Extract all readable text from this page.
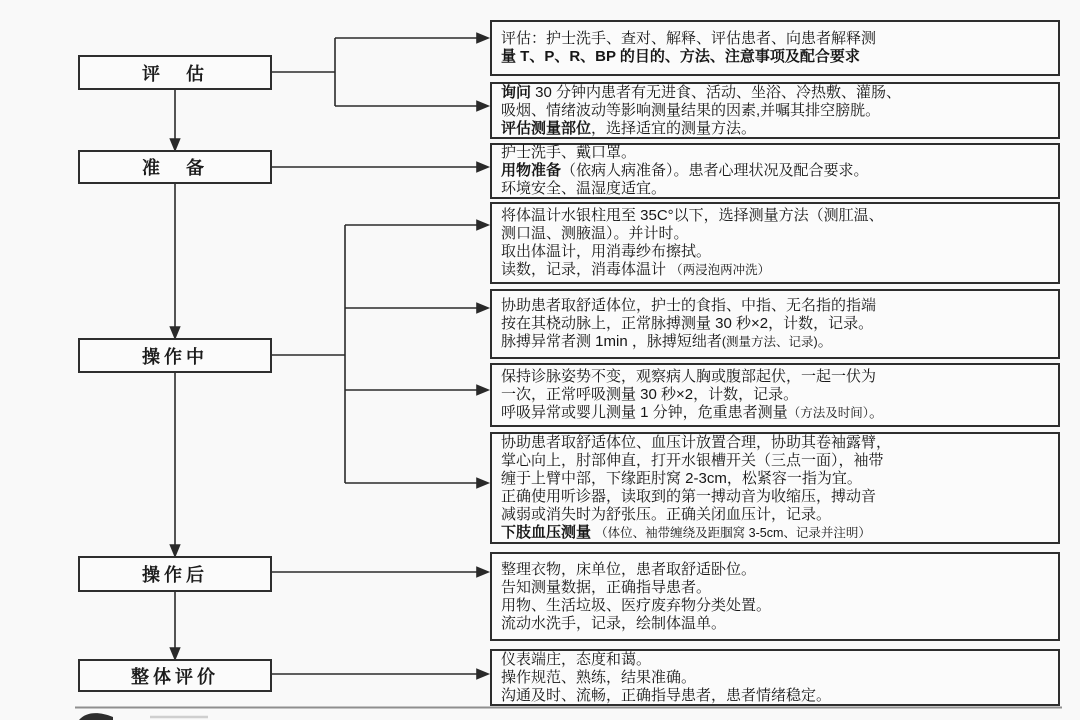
评　估
准　备
操作中
操作后
整体评价
评估：护士洗手、查对、解释、评估患者、向患者解释测
量 T、P、R、BP 的目的、方法、注意事项及配合要求
询问 30 分钟内患者有无进食、活动、坐浴、冷热敷、灌肠、
吸烟、情绪波动等影响测量结果的因素,并嘱其排空膀胱。
评估测量部位，选择适宜的测量方法。
护士洗手、戴口罩。
用物准备（依病人病准备）。患者心理状况及配合要求。
环境安全、温湿度适宜。
将体温计水银柱甩至 35C°以下，选择测量方法（测肛温、
测口温、测腋温）。并计时。
取出体温计，用消毒纱布擦拭。
读数，记录，消毒体温计 （两浸泡两冲洗）
协助患者取舒适体位，护士的食指、中指、无名指的指端
按在其桡动脉上，正常脉搏测量 30 秒×2，计数，记录。
脉搏异常者测 1min ，脉搏短绌者(测量方法、记录)。
保持诊脉姿势不变，观察病人胸或腹部起伏，一起一伏为
一次，正常呼吸测量 30 秒×2，计数，记录。
呼吸异常或婴儿测量 1 分钟，危重患者测量（方法及时间）。
协助患者取舒适体位、血压计放置合理，协助其卷袖露臂，
掌心向上，肘部伸直，打开水银槽开关（三点一面），袖带
缠于上臂中部，下缘距肘窝 2-3cm，松紧容一指为宜。
正确使用听诊器，读取到的第一搏动音为收缩压，搏动音
减弱或消失时为舒张压。正确关闭血压计，记录。
下肢血压测量 （体位、袖带缠绕及距腘窝 3-5cm、记录并注明）
整理衣物，床单位，患者取舒适卧位。
告知测量数据，正确指导患者。
用物、生活垃圾、医疗废弃物分类处置。
流动水洗手，记录，绘制体温单。
仪表端庄，态度和蔼。
操作规范、熟练，结果准确。
沟通及时、流畅，正确指导患者，患者情绪稳定。
